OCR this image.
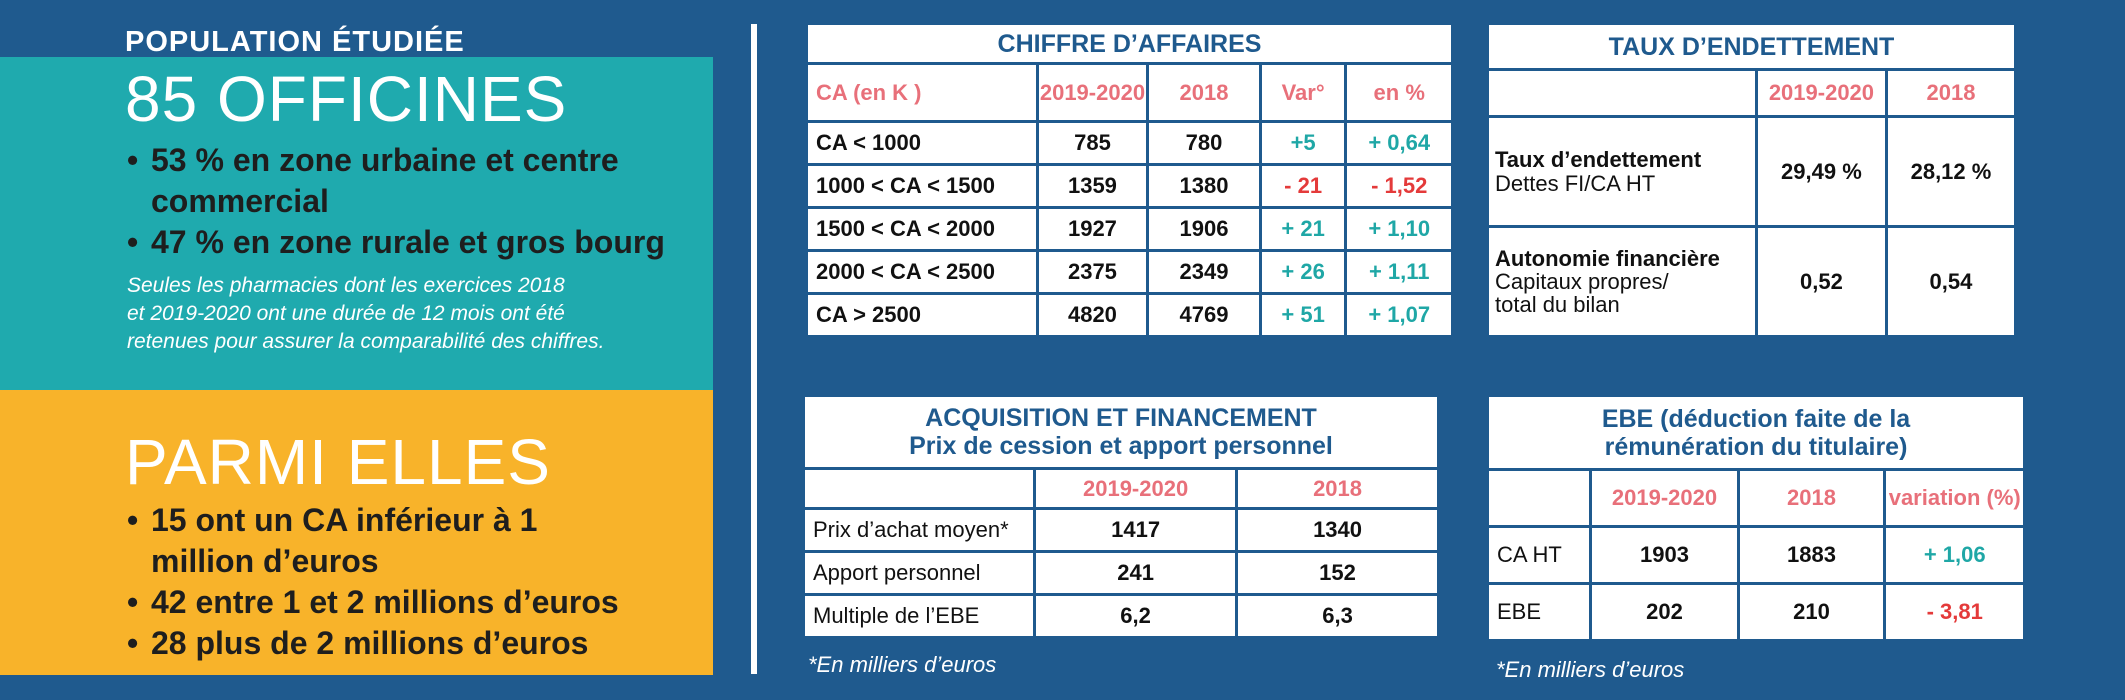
POPULATION ÉTUDIÉE
85 OFFICINES
• 53 % en zone urbaine et centre commercial
• 47 % en zone rurale et gros bourg
Seules les pharmacies dont les exercices 2018
et 2019-2020 ont une durée de 12 mois ont été
retenues pour assurer la comparabilité des chiffres.
PARMI ELLES
• 15 ont un CA inférieur à 1 million d’euros
• 42 entre 1 et 2 millions d’euros
• 28 plus de 2 millions d’euros
CHIFFRE D’AFFAIRES				
CA (en K )	2019-2020	2018	Var°	en %
CA < 1000	785	780	+5	+ 0,64
1000 < CA < 1500	1359	1380	- 21	- 1,52
1500 < CA < 2000	1927	1906	+ 21	+ 1,10
2000 < CA < 2500	2375	2349	+ 26	+ 1,11
CA > 2500	4820	4769	+ 51	+ 1,07
TAUX D’ENDETTEMENT		
	2019-2020	2018

Taux d’endettement
Dettes FI/CA HT	29,49 %	28,12 %

Autonomie financière
Capitaux propres/ total du bilan	0,52	0,54
ACQUISITION ET FINANCEMENT
Prix de cession et apport personnel		

	2019-2020	2018
Prix d’achat moyen*	1417	1340
Apport personnel	241	152
Multiple de l’EBE	6,2	6,3
*En milliers d’euros
EBE (déduction faite de la
rémunération du titulaire)			

	2019-2020	2018	variation (%)
CA HT	1903	1883	+ 1,06
EBE	202	210	- 3,81
*En milliers d’euros
